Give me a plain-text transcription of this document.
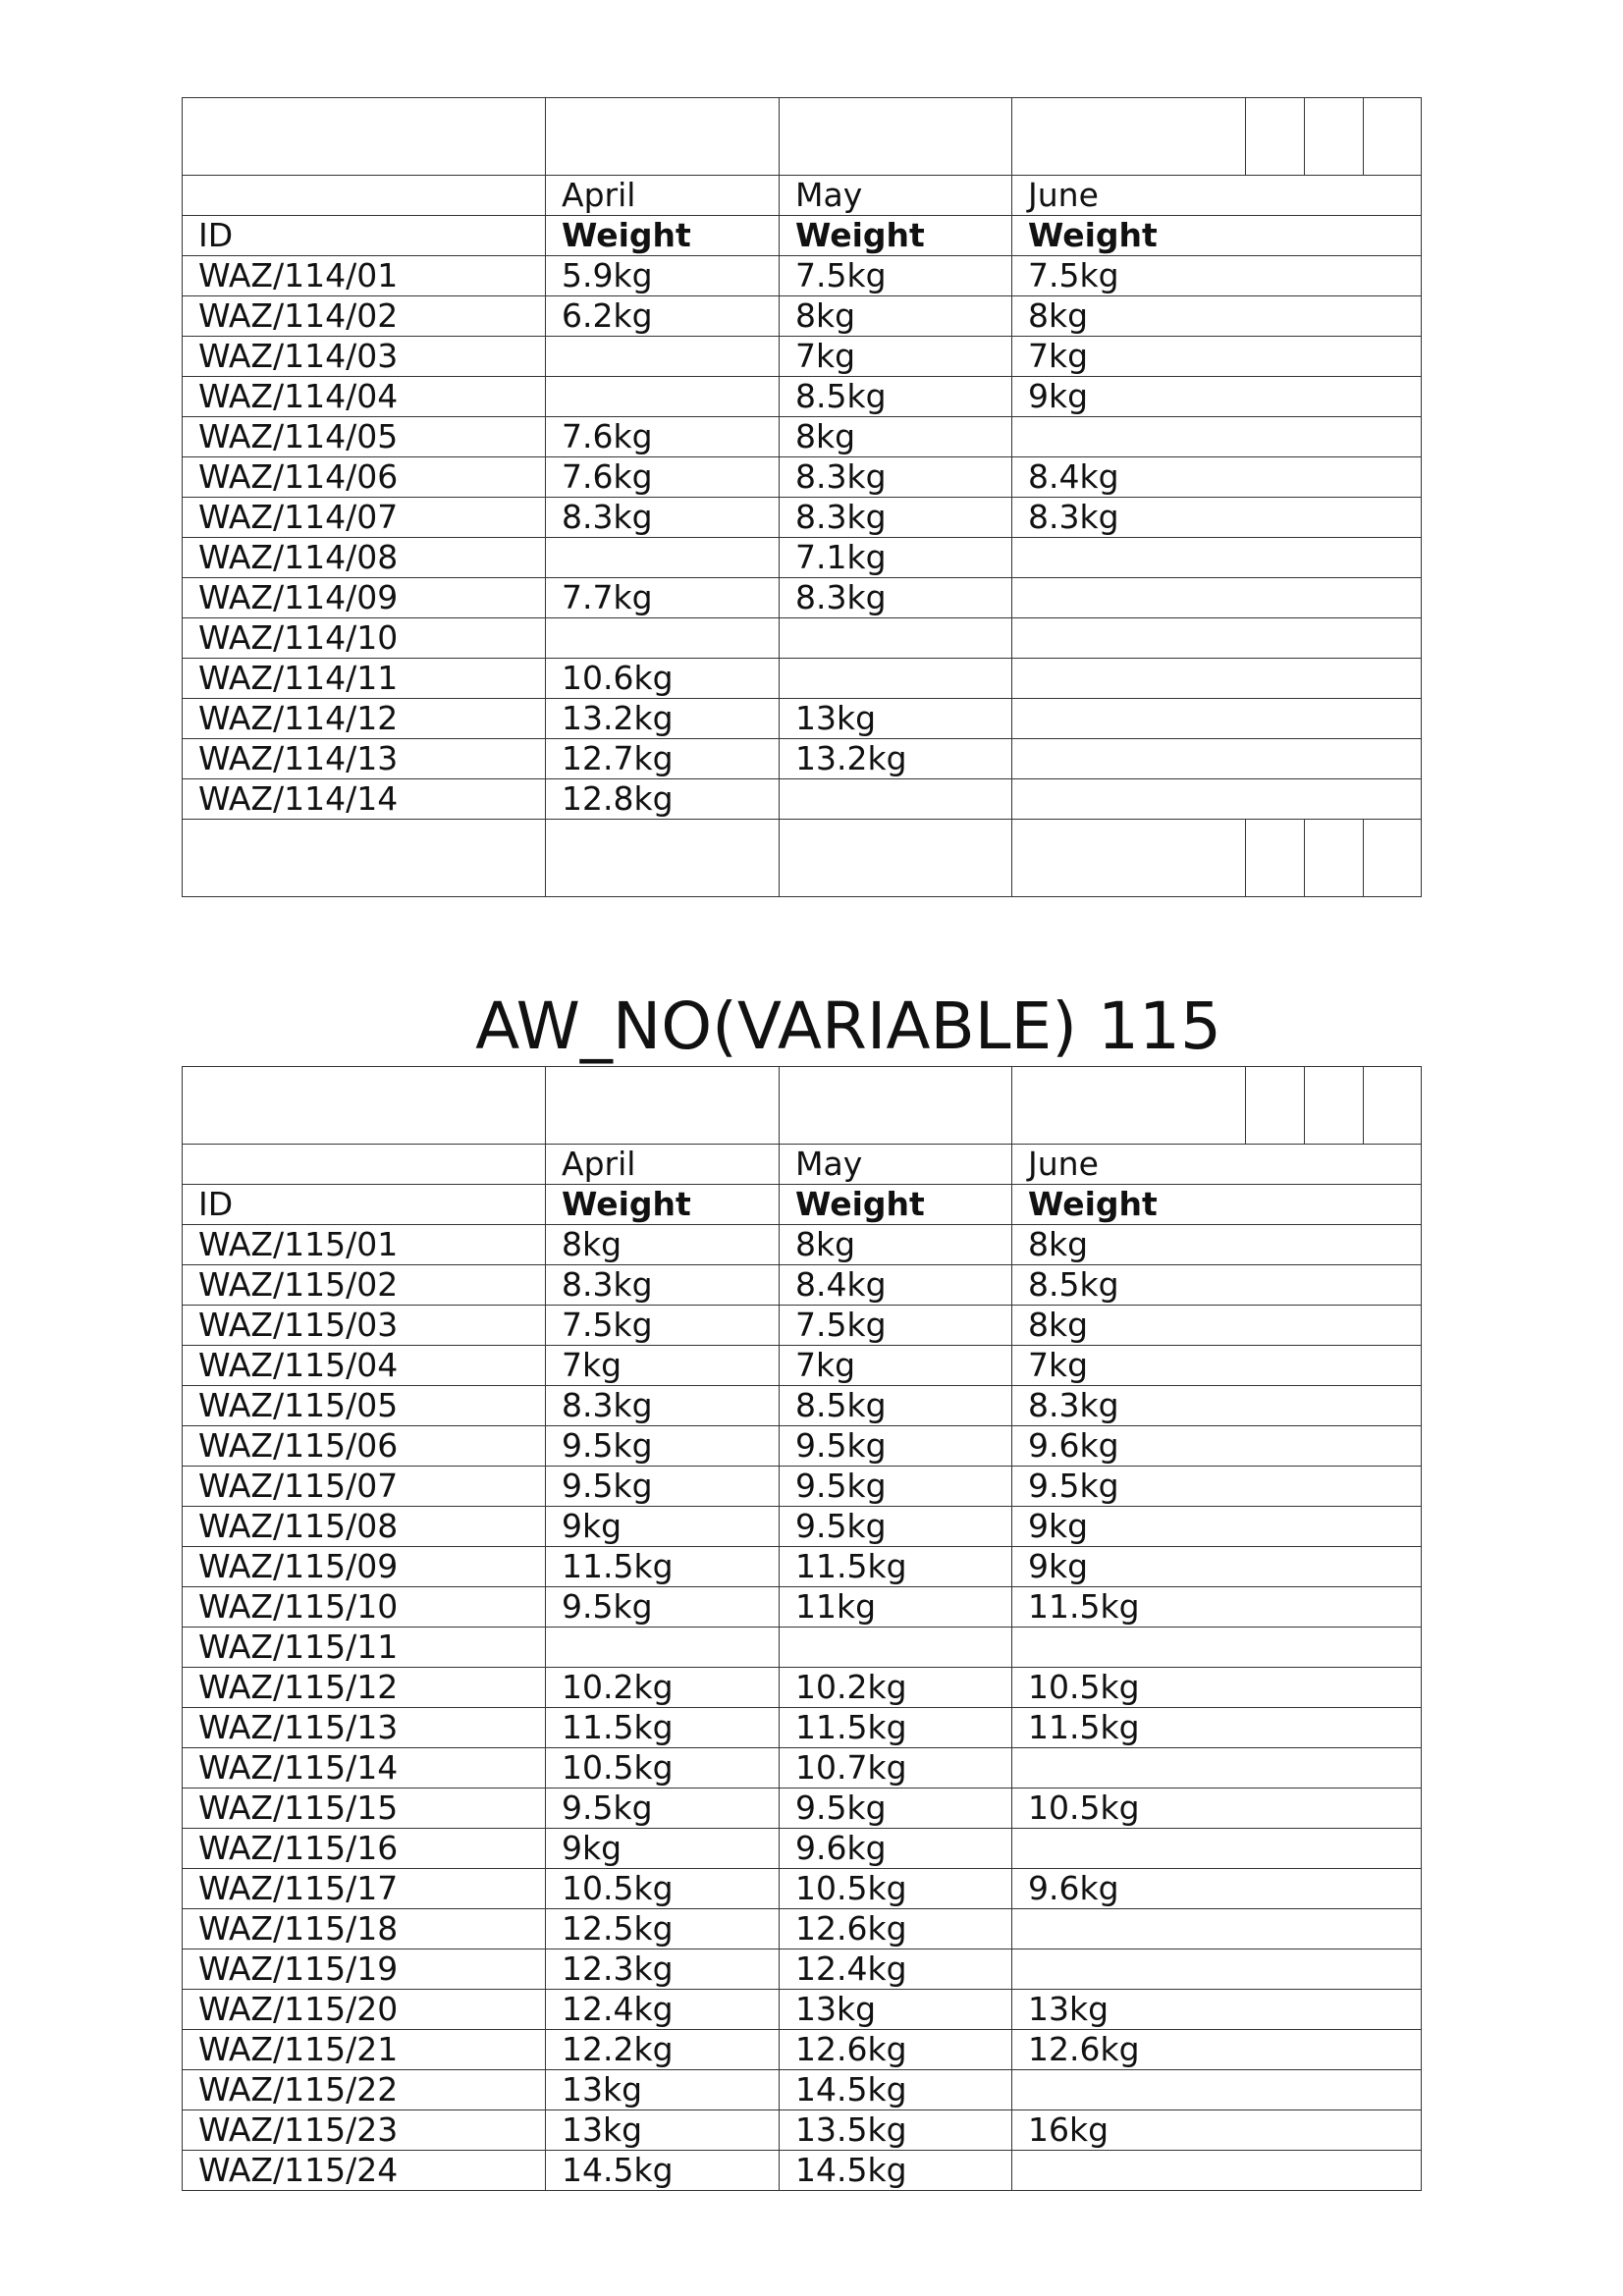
	April	May	June			
ID	Weight	Weight	Weight			
WAZ/114/01	5.9kg	7.5kg	7.5kg			
WAZ/114/02	6.2kg	8kg	8kg			
WAZ/114/03		7kg	7kg			
WAZ/114/04		8.5kg	9kg			
WAZ/114/05	7.6kg	8kg				
WAZ/114/06	7.6kg	8.3kg	8.4kg			
WAZ/114/07	8.3kg	8.3kg	8.3kg			
WAZ/114/08		7.1kg				
WAZ/114/09	7.7kg	8.3kg				
WAZ/114/10						
WAZ/114/11	10.6kg					
WAZ/114/12	13.2kg	13kg				
WAZ/114/13	12.7kg	13.2kg				
WAZ/114/14	12.8kg					

AW_NO(VARIABLE) 115

	April	May	June			
ID	Weight	Weight	Weight			
WAZ/115/01	8kg	8kg	8kg			
WAZ/115/02	8.3kg	8.4kg	8.5kg			
WAZ/115/03	7.5kg	7.5kg	8kg			
WAZ/115/04	7kg	7kg	7kg			
WAZ/115/05	8.3kg	8.5kg	8.3kg			
WAZ/115/06	9.5kg	9.5kg	9.6kg			
WAZ/115/07	9.5kg	9.5kg	9.5kg			
WAZ/115/08	9kg	9.5kg	9kg			
WAZ/115/09	11.5kg	11.5kg	9kg			
WAZ/115/10	9.5kg	11kg	11.5kg			
WAZ/115/11						
WAZ/115/12	10.2kg	10.2kg	10.5kg			
WAZ/115/13	11.5kg	11.5kg	11.5kg			
WAZ/115/14	10.5kg	10.7kg				
WAZ/115/15	9.5kg	9.5kg	10.5kg			
WAZ/115/16	9kg	9.6kg				
WAZ/115/17	10.5kg	10.5kg	9.6kg			
WAZ/115/18	12.5kg	12.6kg				
WAZ/115/19	12.3kg	12.4kg				
WAZ/115/20	12.4kg	13kg	13kg			
WAZ/115/21	12.2kg	12.6kg	12.6kg			
WAZ/115/22	13kg	14.5kg				
WAZ/115/23	13kg	13.5kg	16kg			
WAZ/115/24	14.5kg	14.5kg				
